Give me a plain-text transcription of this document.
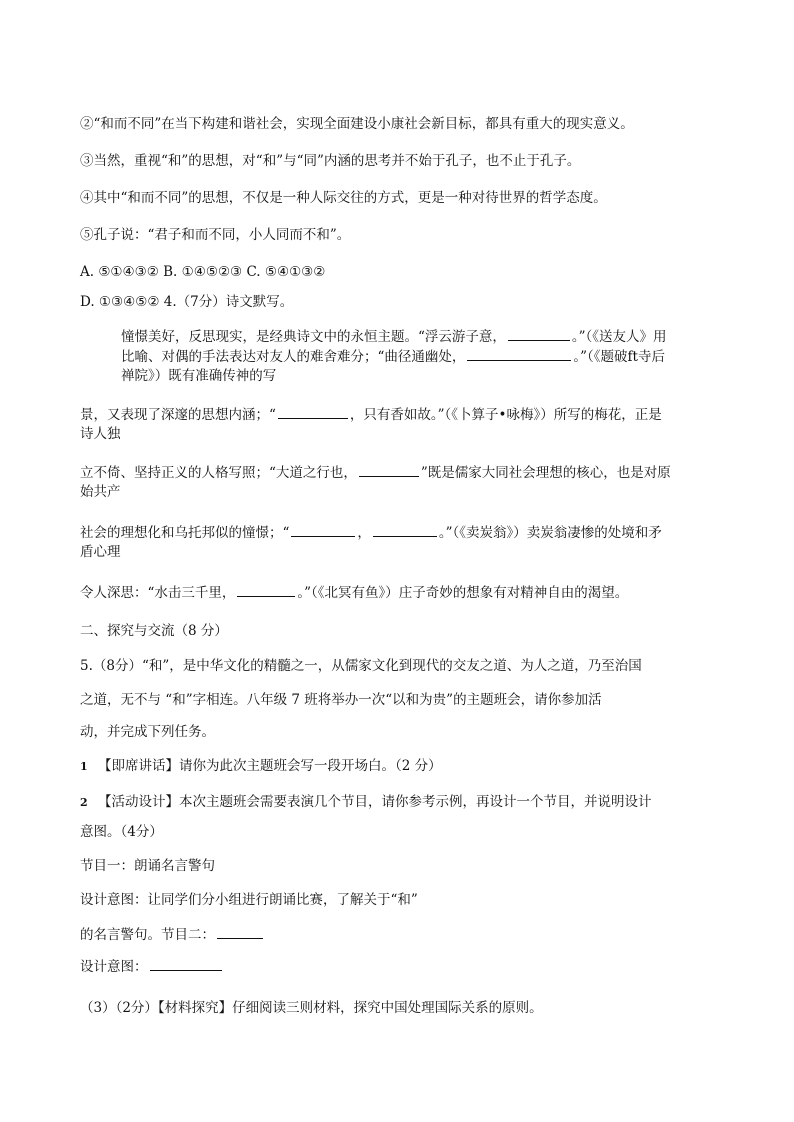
②“和而不同”在当下构建和谐社会，实现全面建设小康社会新目标，都具有重大的现实意义。
③当然，重视“和”的思想，对“和”与“同”内涵的思考并不始于孔子，也不止于孔子。
④其中“和而不同”的思想，不仅是一种人际交往的方式，更是一种对待世界的哲学态度。
⑤孔子说：“君子和而不同，小人同而不和”。
A. ⑤①④③② B. ①④⑤②③ C. ⑤④①③②
D. ①③④⑤② 4.（7分）诗文默写。
憧憬美好，反思现实，是经典诗文中的永恒主题。“浮云游子意，	。”（《送友人》用
比喻、对偶的手法表达对友人的难舍难分；“曲径通幽处，	。”（《题破ft寺后
禅院》）既有准确传神的写
景，又表现了深邃的思想内涵；“	，只有香如故。”（《卜算子•咏梅》）所写的梅花，正是
诗人独
立不倚、坚持正义的人格写照；“大道之行也，	”既是儒家大同社会理想的核心，也是对原
始共产
社会的理想化和乌托邦似的憧憬；“	，	。”（《卖炭翁》）卖炭翁凄惨的处境和矛
盾心理
令人深思：“水击三千里，	。”（《北冥有鱼》）庄子奇妙的想象有对精神自由的渴望。
二、探究与交流（8 分）
5.（8分）“和”，是中华文化的精髓之一，从儒家文化到现代的交友之道、为人之道，乃至治国
之道，无不与 “和”字相连。八年级 7 班将举办一次“以和为贵”的主题班会，请你参加活
动，并完成下列任务。
1 【即席讲话】请你为此次主题班会写一段开场白。（2 分）
2 【活动设计】本次主题班会需要表演几个节目，请你参考示例，再设计一个节目，并说明设计
意图。（4分）
节目一：朗诵名言警句
设计意图：让同学们分小组进行朗诵比赛，了解关于“和”
的名言警句。节目二：
设计意图：
（3）（2分）【材料探究】仔细阅读三则材料，探究中国处理国际关系的原则。
